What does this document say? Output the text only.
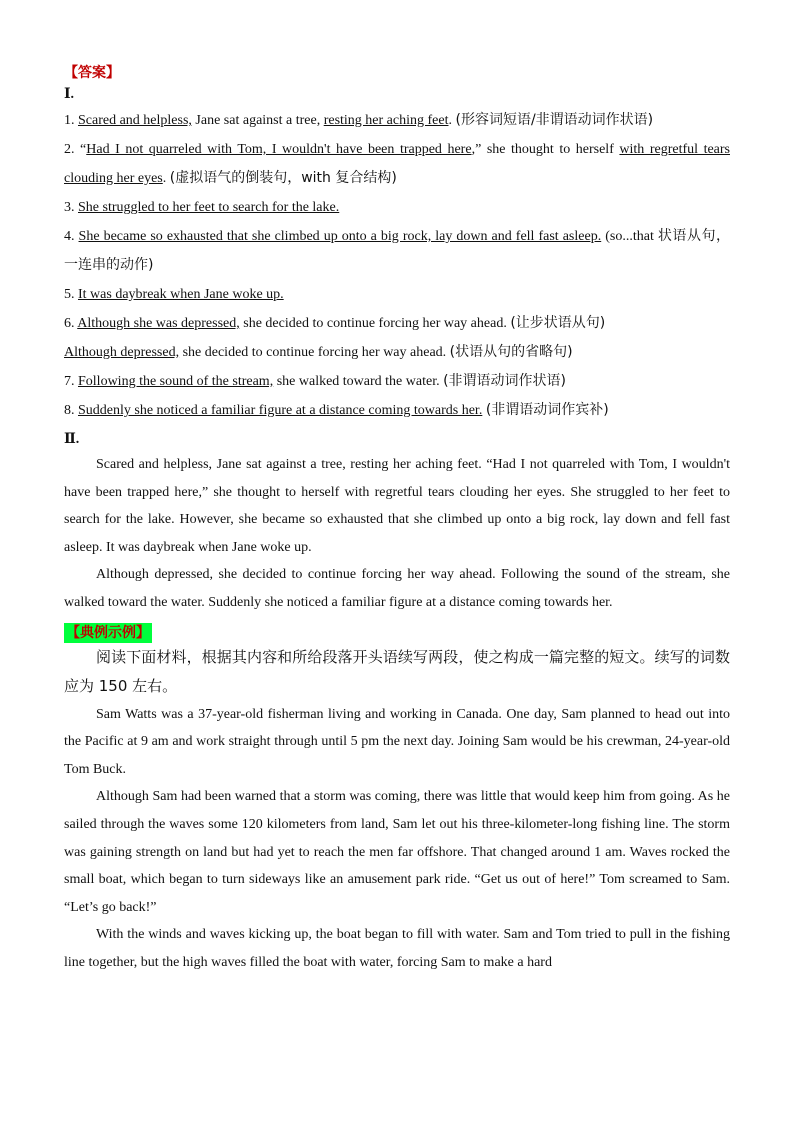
【答案】

Ⅰ.

1. Scared and helpless, Jane sat against a tree, resting her aching feet. (形容词短语/非谓语动词作状语)

2. “Had I not quarreled with Tom, I wouldn't have been trapped here,” she thought to herself with regretful tears clouding her eyes. (虚拟语气的倒装句，with 复合结构)

3. She struggled to her feet to search for the lake.

4. She became so exhausted that she climbed up onto a big rock, lay down and fell fast asleep. (so...that 状语从句，一连串的动作)

5. It was daybreak when Jane woke up.

6. Although she was depressed, she decided to continue forcing her way ahead. (让步状语从句)

Although depressed, she decided to continue forcing her way ahead. (状语从句的省略句)

7. Following the sound of the stream, she walked toward the water. (非谓语动词作状语)

8. Suddenly she noticed a familiar figure at a distance coming towards her. (非谓语动词作宾补)

Ⅱ.

Scared and helpless, Jane sat against a tree, resting her aching feet. “Had I not quarreled with Tom, I wouldn't have been trapped here,” she thought to herself with regretful tears clouding her eyes. She struggled to her feet to search for the lake. However, she became so exhausted that she climbed up onto a big rock, lay down and fell fast asleep. It was daybreak when Jane woke up.

Although depressed, she decided to continue forcing her way ahead. Following the sound of the stream, she walked toward the water. Suddenly she noticed a familiar figure at a distance coming towards her.

【典例示例】

阅读下面材料，根据其内容和所给段落开头语续写两段，使之构成一篇完整的短文。续写的词数应为 150 左右。

Sam Watts was a 37-year-old fisherman living and working in Canada. One day, Sam planned to head out into the Pacific at 9 am and work straight through until 5 pm the next day. Joining Sam would be his crewman, 24-year-old Tom Buck.

Although Sam had been warned that a storm was coming, there was little that would keep him from going. As he sailed through the waves some 120 kilometers from land, Sam let out his three-kilometer-long fishing line. The storm was gaining strength on land but had yet to reach the men far offshore. That changed around 1 am. Waves rocked the small boat, which began to turn sideways like an amusement park ride. “Get us out of here!” Tom screamed to Sam. “Let’s go back!”

With the winds and waves kicking up, the boat began to fill with water. Sam and Tom tried to pull in the fishing line together, but the high waves filled the boat with water, forcing Sam to make a hard
